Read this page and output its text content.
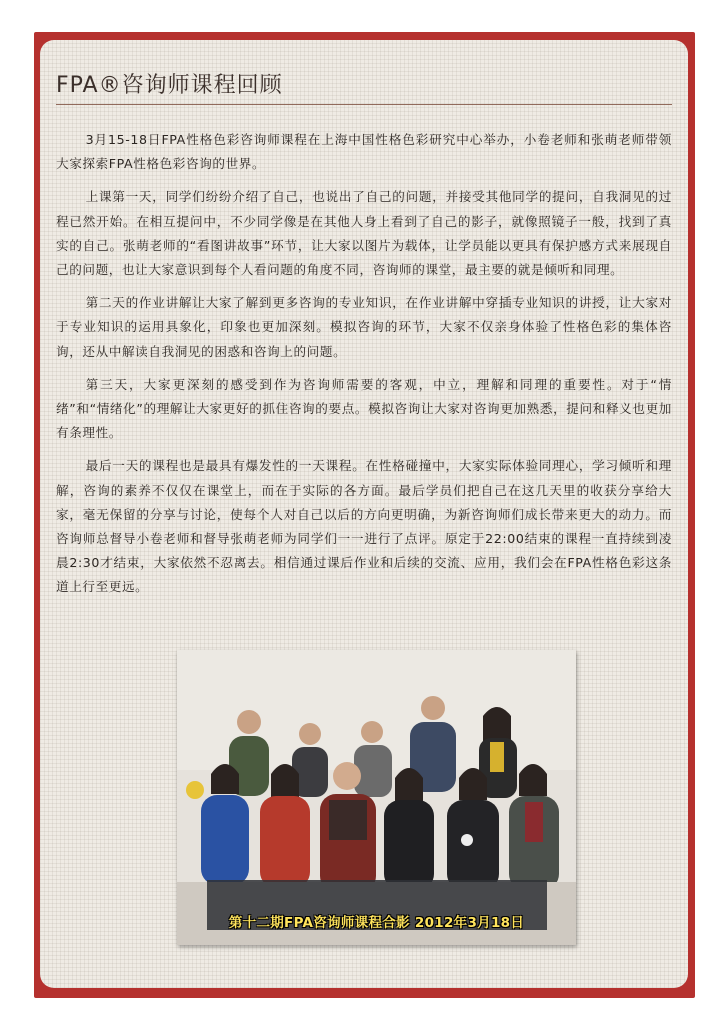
FPA®咨询师课程回顾

3月15-18日FPA性格色彩咨询师课程在上海中国性格色彩研究中心举办，小卷老师和张萌老师带领大家探索FPA性格色彩咨询的世界。

上课第一天，同学们纷纷介绍了自己，也说出了自己的问题，并接受其他同学的提问，自我洞见的过程已然开始。在相互提问中，不少同学像是在其他人身上看到了自己的影子，就像照镜子一般，找到了真实的自己。张萌老师的“看图讲故事”环节，让大家以图片为载体，让学员能以更具有保护感方式来展现自己的问题，也让大家意识到每个人看问题的角度不同，咨询师的课堂，最主要的就是倾听和同理。

第二天的作业讲解让大家了解到更多咨询的专业知识，在作业讲解中穿插专业知识的讲授，让大家对于专业知识的运用具象化，印象也更加深刻。模拟咨询的环节，大家不仅亲身体验了性格色彩的集体咨询，还从中解读自我洞见的困惑和咨询上的问题。

第三天，大家更深刻的感受到作为咨询师需要的客观，中立，理解和同理的重要性。对于“情绪”和“情绪化”的理解让大家更好的抓住咨询的要点。模拟咨询让大家对咨询更加熟悉，提问和释义也更加有条理性。

最后一天的课程也是最具有爆发性的一天课程。在性格碰撞中，大家实际体验同理心，学习倾听和理解，咨询的素养不仅仅在课堂上，而在于实际的各方面。最后学员们把自己在这几天里的收获分享给大家，毫无保留的分享与讨论，使每个人对自己以后的方向更明确，为新咨询师们成长带来更大的动力。而咨询师总督导小卷老师和督导张萌老师为同学们一一进行了点评。原定于22:00结束的课程一直持续到凌晨2:30才结束，大家依然不忍离去。相信通过课后作业和后续的交流、应用，我们会在FPA性格色彩这条道上行至更远。

第十二期FPA咨询师课程合影 2012年3月18日
